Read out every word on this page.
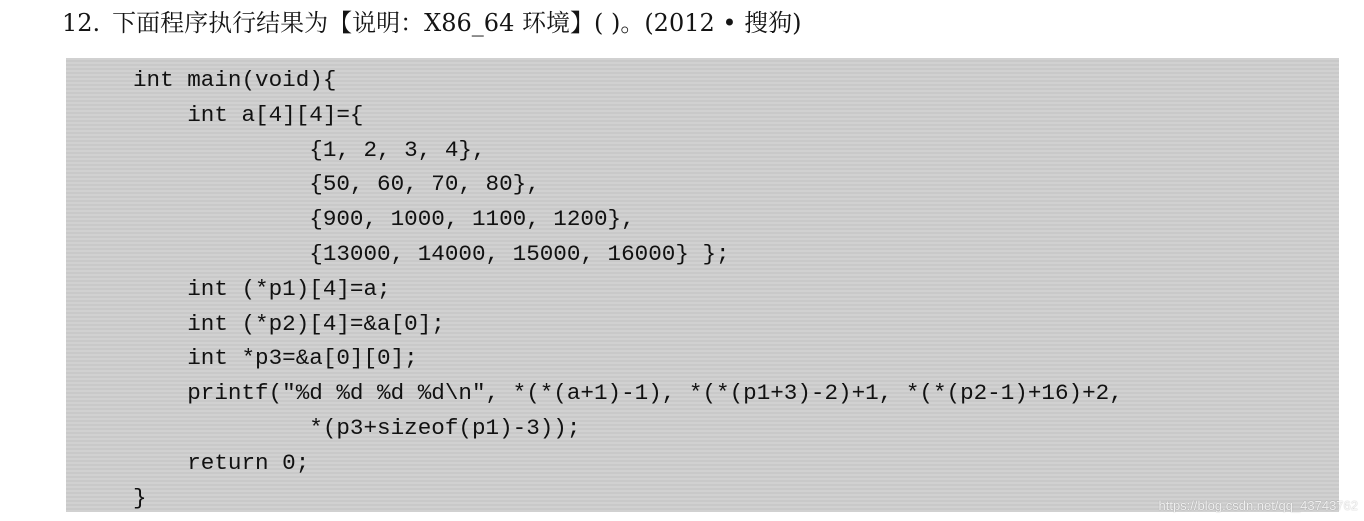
12. 下面程序执行结果为【说明：X86_64 环境】( )。(2012 • 搜狗)
int main(void){
int a[4][4]={
{1, 2, 3, 4},
{50, 60, 70, 80},
{900, 1000, 1100, 1200},
{13000, 14000, 15000, 16000} };
int (*p1)[4]=a;
int (*p2)[4]=&a[0];
int *p3=&a[0][0];
printf("%d %d %d %d\n", *(*(a+1)-1), *(*(p1+3)-2)+1, *(*(p2-1)+16)+2,
*(p3+sizeof(p1)-3));
return 0;
}	https://blog.csdn.net/qq_43743762
